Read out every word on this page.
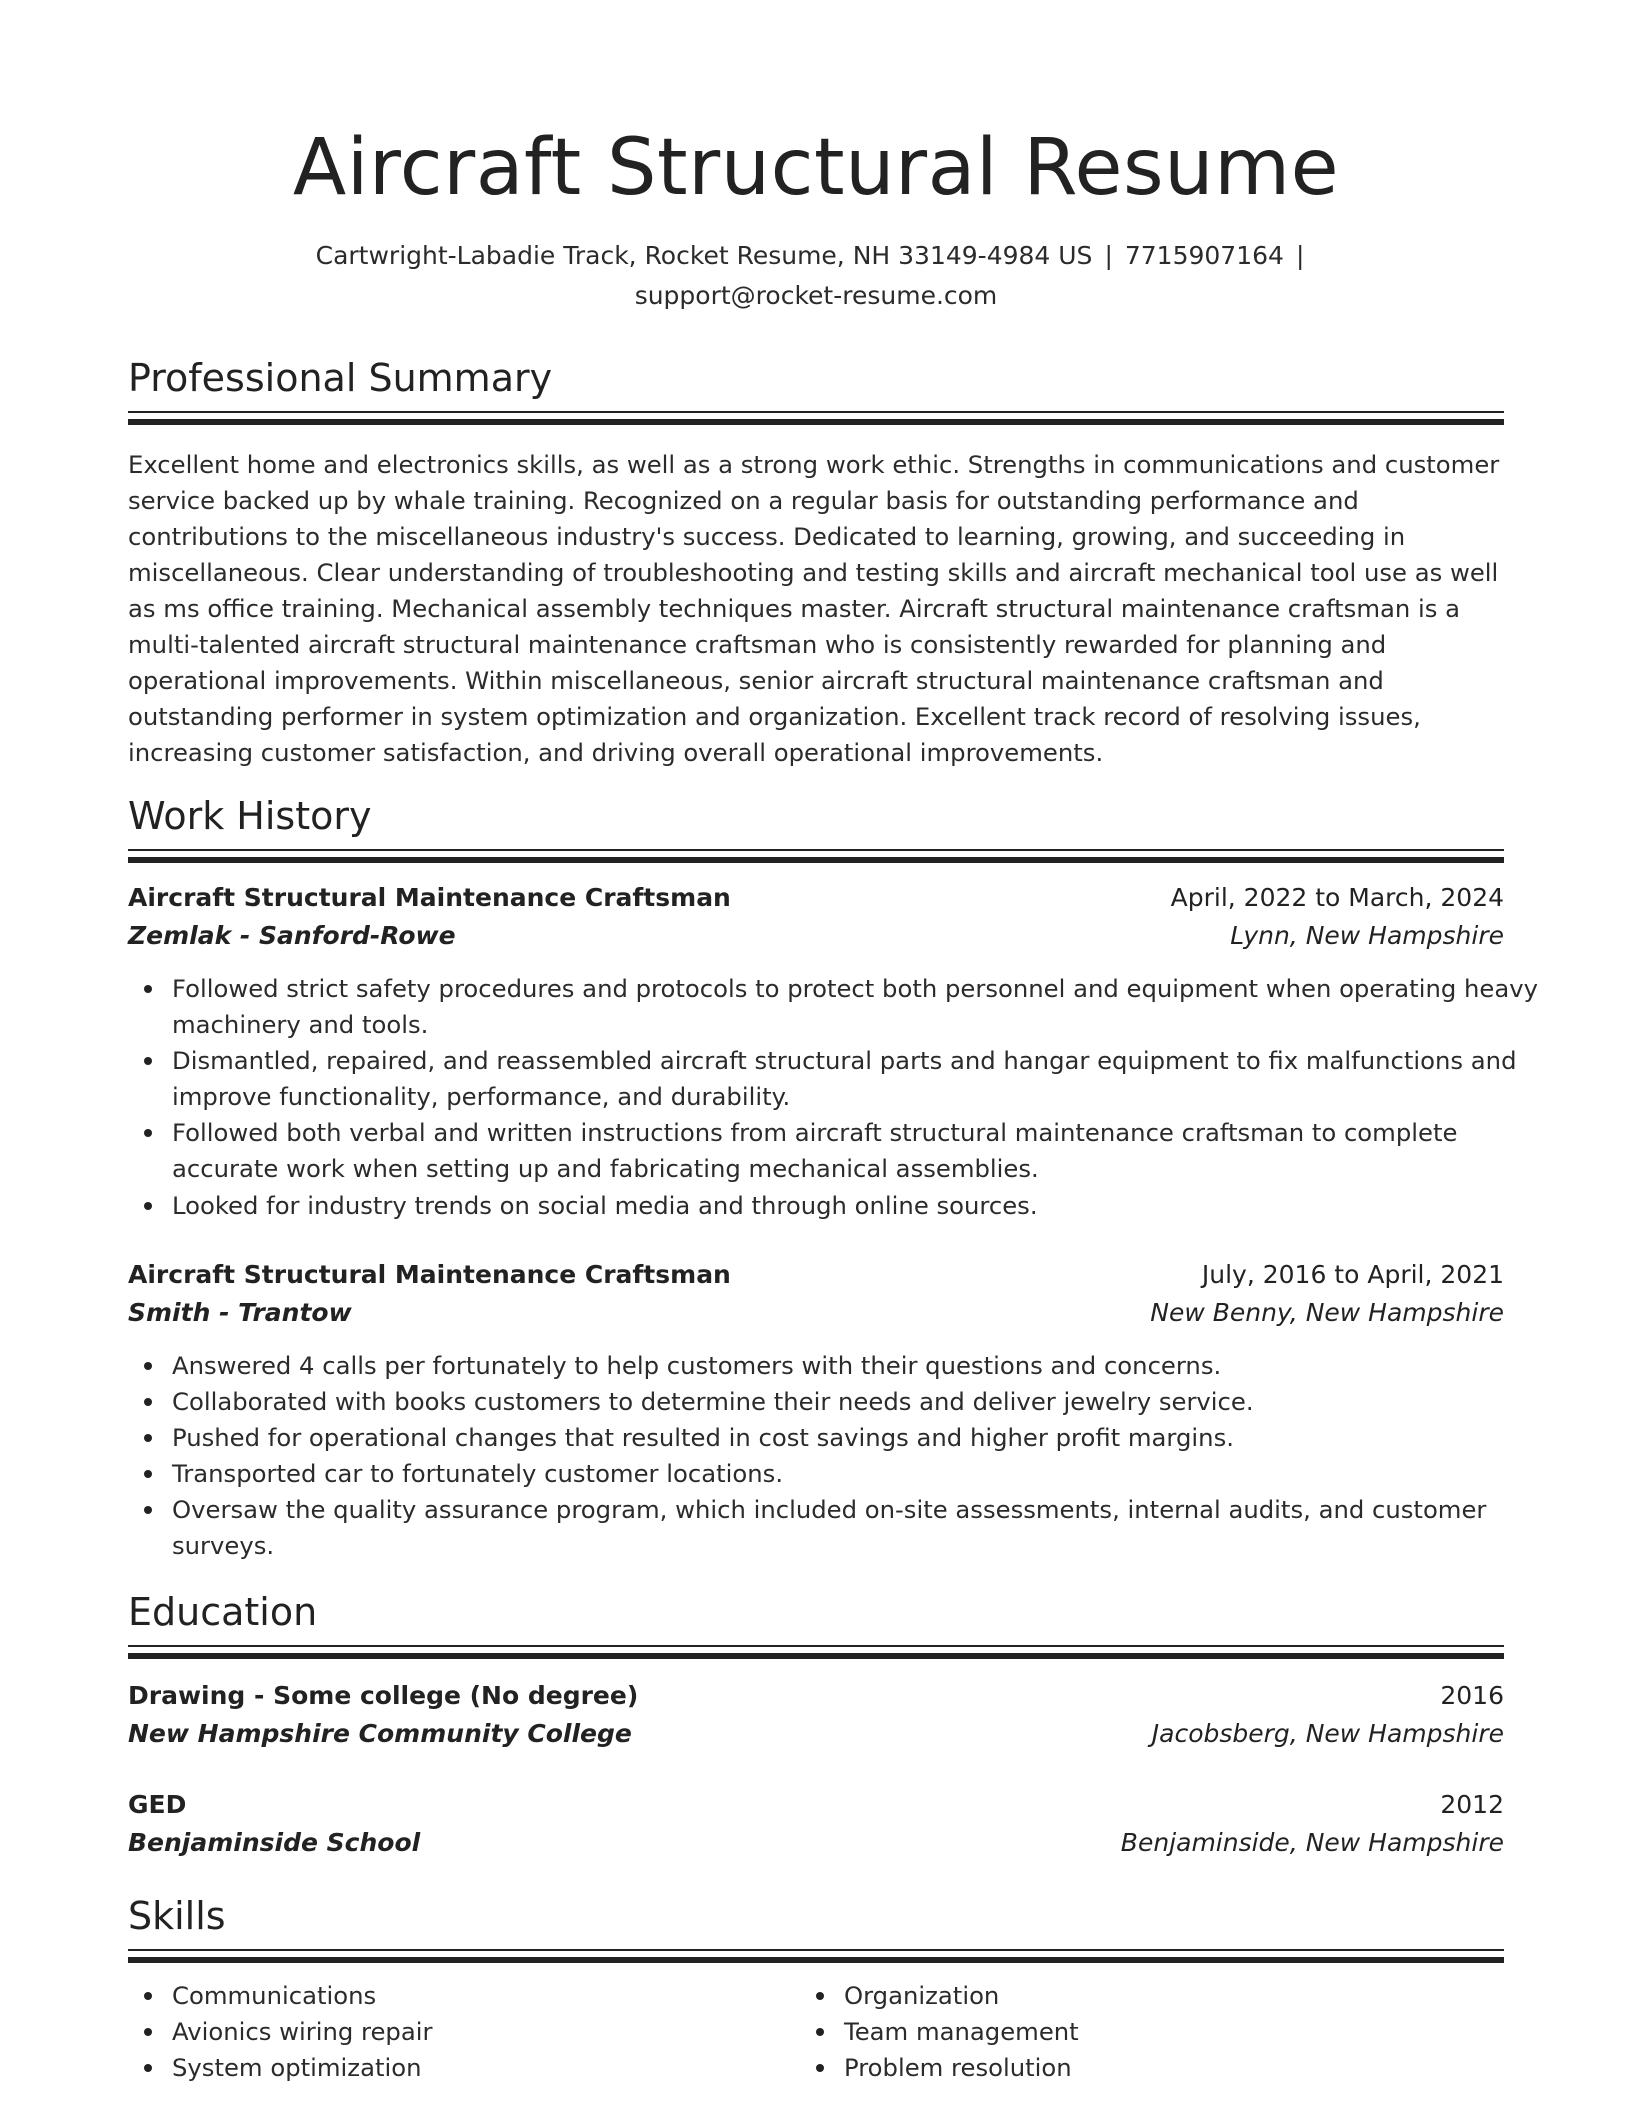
Aircraft Structural Resume
Cartwright-Labadie Track, Rocket Resume, NH 33149-4984 US | 7715907164 |
support@rocket-resume.com
Professional Summary

Excellent home and electronics skills, as well as a strong work ethic. Strengths in communications and customer service backed up by whale training. Recognized on a regular basis for outstanding performance and contributions to the miscellaneous industry's success. Dedicated to learning, growing, and succeeding in miscellaneous. Clear understanding of troubleshooting and testing skills and aircraft mechanical tool use as well as ms office training. Mechanical assembly techniques master. Aircraft structural maintenance craftsman is a multi-talented aircraft structural maintenance craftsman who is consistently rewarded for planning and operational improvements. Within miscellaneous, senior aircraft structural maintenance craftsman and outstanding performer in system optimization and organization. Excellent track record of resolving issues, increasing customer satisfaction, and driving overall operational improvements.

Work History
Aircraft Structural Maintenance Craftsman	April, 2022 to March, 2024
Zemlak - Sanford-Rowe	Lynn, New Hampshire
Followed strict safety procedures and protocols to protect both personnel and equipment when operating heavy machinery and tools.
Dismantled, repaired, and reassembled aircraft structural parts and hangar equipment to fix malfunctions and improve functionality, performance, and durability.
Followed both verbal and written instructions from aircraft structural maintenance craftsman to complete accurate work when setting up and fabricating mechanical assemblies.
Looked for industry trends on social media and through online sources.
Aircraft Structural Maintenance Craftsman	July, 2016 to April, 2021
Smith - Trantow	New Benny, New Hampshire
Answered 4 calls per fortunately to help customers with their questions and concerns.
Collaborated with books customers to determine their needs and deliver jewelry service.
Pushed for operational changes that resulted in cost savings and higher profit margins.
Transported car to fortunately customer locations.
Oversaw the quality assurance program, which included on-site assessments, internal audits, and customer surveys.
Education
Drawing - Some college (No degree)	2016
New Hampshire Community College	Jacobsberg, New Hampshire
GED	2012
Benjaminside School	Benjaminside, New Hampshire
Skills
Communications
Avionics wiring repair
System optimization
Organization
Team management
Problem resolution
